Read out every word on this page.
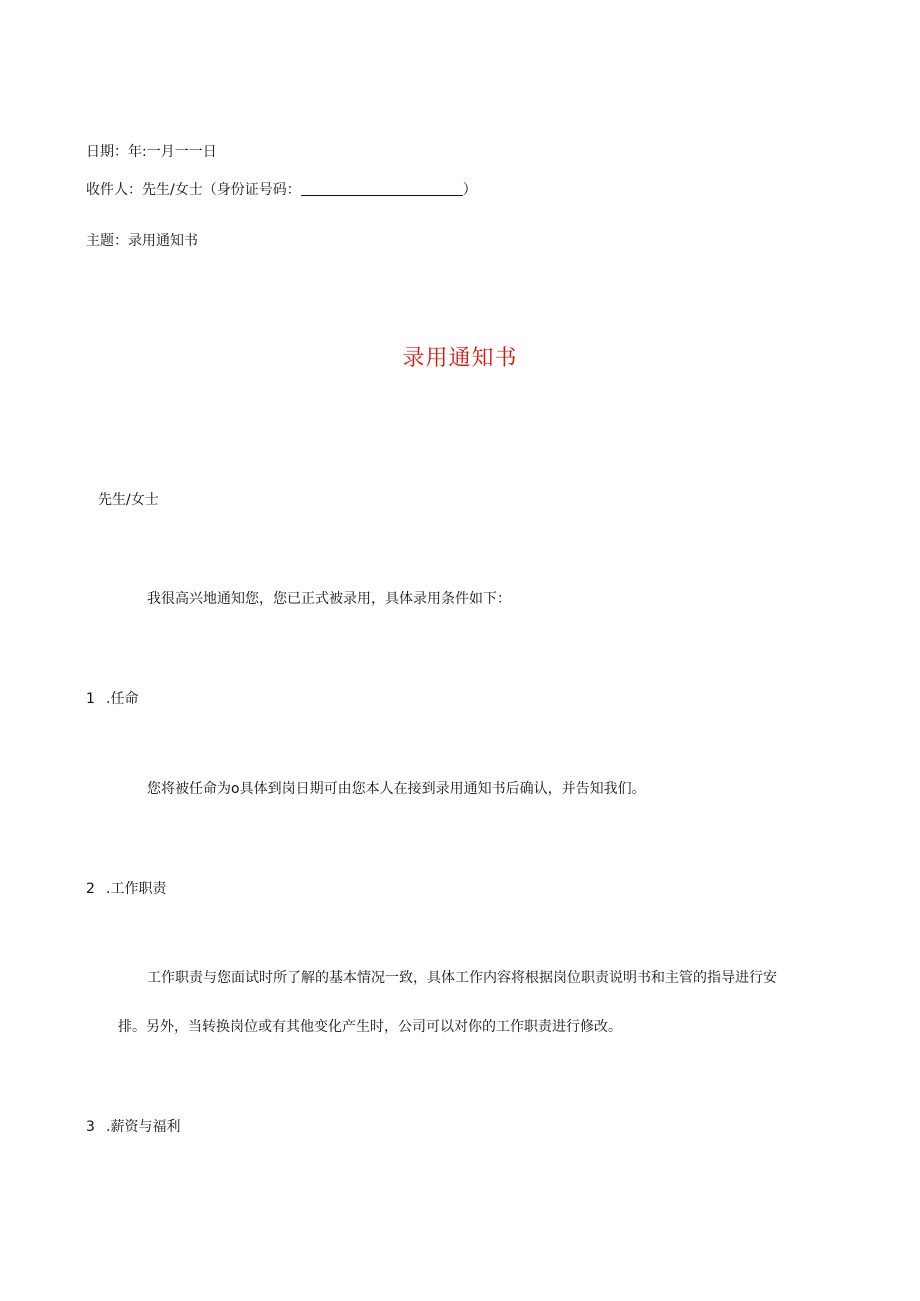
日期：年:一月一一日
收件人：先生/女士（身份证号码：	）
主题：录用通知书
录用通知书
先生/女士
我很高兴地通知您，您已正式被录用，具体录用条件如下：
1 .任命
您将被任命为o具体到岗日期可由您本人在接到录用通知书后确认，并告知我们。
2 .工作职责
工作职责与您面试时所了解的基本情况一致，具体工作内容将根据岗位职责说明书和主管的指导进行安
排。另外，当转换岗位或有其他变化产生时，公司可以对你的工作职责进行修改。
3 .薪资与福利
